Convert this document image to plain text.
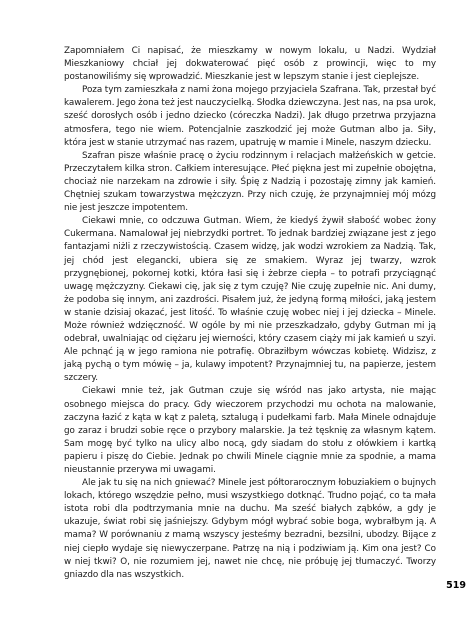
Zapomniałem Ci napisać, że mieszkamy w nowym lokalu, u Nadzi. Wydział Mieszkaniowy chciał jej dokwaterować pięć osób z prowincji, więc to my postanowiliśmy się wprowadzić. Mieszkanie jest w lepszym stanie i jest cieplejsze.

Poza tym zamieszkała z nami żona mojego przyjaciela Szafrana. Tak, przestał być kawalerem. Jego żona też jest nauczycielką. Słodka dziewczyna. Jest nas, na psa urok, sześć dorosłych osób i jedno dziecko (córeczka Nadzi). Jak długo przetrwa przyjazna atmosfera, tego nie wiem. Potencjalnie zaszkodzić jej może Gutman albo ja. Siły, która jest w stanie utrzymać nas razem, upatruję w mamie i Minele, naszym dziecku.

Szafran pisze właśnie pracę o życiu rodzinnym i relacjach małżeńskich w getcie. Przeczytałem kilka stron. Całkiem interesujące. Płeć piękna jest mi zupełnie obojętna, chociaż nie narzekam na zdrowie i siły. Śpię z Nadzią i pozostaję zimny jak kamień. Chętniej szukam towarzystwa mężczyzn. Przy nich czuję, że przynajmniej mój mózg nie jest jeszcze impotentem.

Ciekawi mnie, co odczuwa Gutman. Wiem, że kiedyś żywił słabość wobec żony Cukermana. Namalował jej niebrzydki portret. To jednak bardziej związane jest z jego fantazjami niżli z rzeczywistością. Czasem widzę, jak wodzi wzrokiem za Nadzią. Tak, jej chód jest elegancki, ubiera się ze smakiem. Wyraz jej twarzy, wzrok przygnębionej, pokornej kotki, która łasi się i żebrze ciepła – to potrafi przyciągnąć uwagę mężczyzny. Ciekawi cię, jak się z tym czuję? Nie czuję zupełnie nic. Ani dumy, że podoba się innym, ani zazdrości. Pisałem już, że jedyną formą miłości, jaką jestem w stanie dzisiaj okazać, jest litość. To właśnie czuję wobec niej i jej dziecka – Minele. Może również wdzięczność. W ogóle by mi nie przeszkadzało, gdyby Gutman mi ją odebrał, uwalniając od ciężaru jej wierności, który czasem ciąży mi jak kamień u szyi. Ale pchnąć ją w jego ramiona nie potrafię. Obraziłbym wówczas kobietę. Widzisz, z jaką pychą o tym mówię – ja, kulawy impotent? Przynajmniej tu, na papierze, jestem szczery.

Ciekawi mnie też, jak Gutman czuje się wśród nas jako artysta, nie mając osobnego miejsca do pracy. Gdy wieczorem przychodzi mu ochota na malowanie, zaczyna łazić z kąta w kąt z paletą, sztalugą i pudełkami farb. Mała Minele odnajduje go zaraz i brudzi sobie ręce o przybory malarskie. Ja też tęsknię za własnym kątem. Sam mogę być tylko na ulicy albo nocą, gdy siadam do stołu z ołówkiem i kartką papieru i piszę do Ciebie. Jednak po chwili Minele ciągnie mnie za spodnie, a mama nieustannie przerywa mi uwagami.

Ale jak tu się na nich gniewać? Minele jest półtorarocznym łobuziakiem o bujnych lokach, którego wszędzie pełno, musi wszystkiego dotknąć. Trudno pojąć, co ta mała istota robi dla podtrzymania mnie na duchu. Ma sześć białych ząbków, a gdy je ukazuje, świat robi się jaśniejszy. Gdybym mógł wybrać sobie boga, wybrałbym ją. A mama? W porównaniu z mamą wszyscy jesteśmy bezradni, bezsilni, ubodzy. Bijące z niej ciepło wydaje się niewyczerpane. Patrzę na nią i podziwiam ją. Kim ona jest? Co w niej tkwi? O, nie rozumiem jej, nawet nie chcę, nie próbuję jej tłumaczyć. Tworzy gniazdo dla nas wszystkich.

519
